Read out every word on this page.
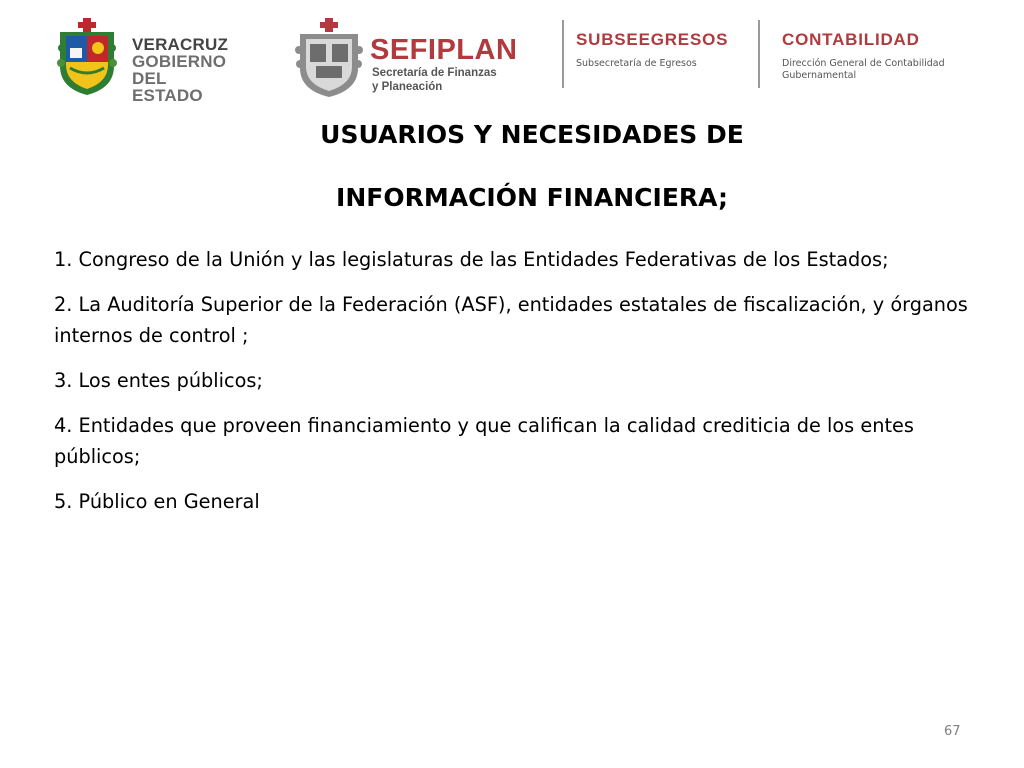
VERACRUZ
GOBIERNO
DEL ESTADO
SEFIPLAN
Secretaría de Finanzas
y Planeación
SUBSEEGRESOS
Subsecretaría de Egresos
CONTABILIDAD
Dirección General de Contabilidad
Gubernamental
USUARIOS Y NECESIDADES DE
INFORMACIÓN FINANCIERA;

1. Congreso de la Unión y las legislaturas de las Entidades Federativas de los Estados;

2. La Auditoría Superior de la Federación (ASF), entidades estatales de fiscalización, y órganos internos de control ;

3. Los entes públicos;

4. Entidades que proveen financiamiento y que califican la calidad crediticia de los entes públicos;

5. Público en General

67
